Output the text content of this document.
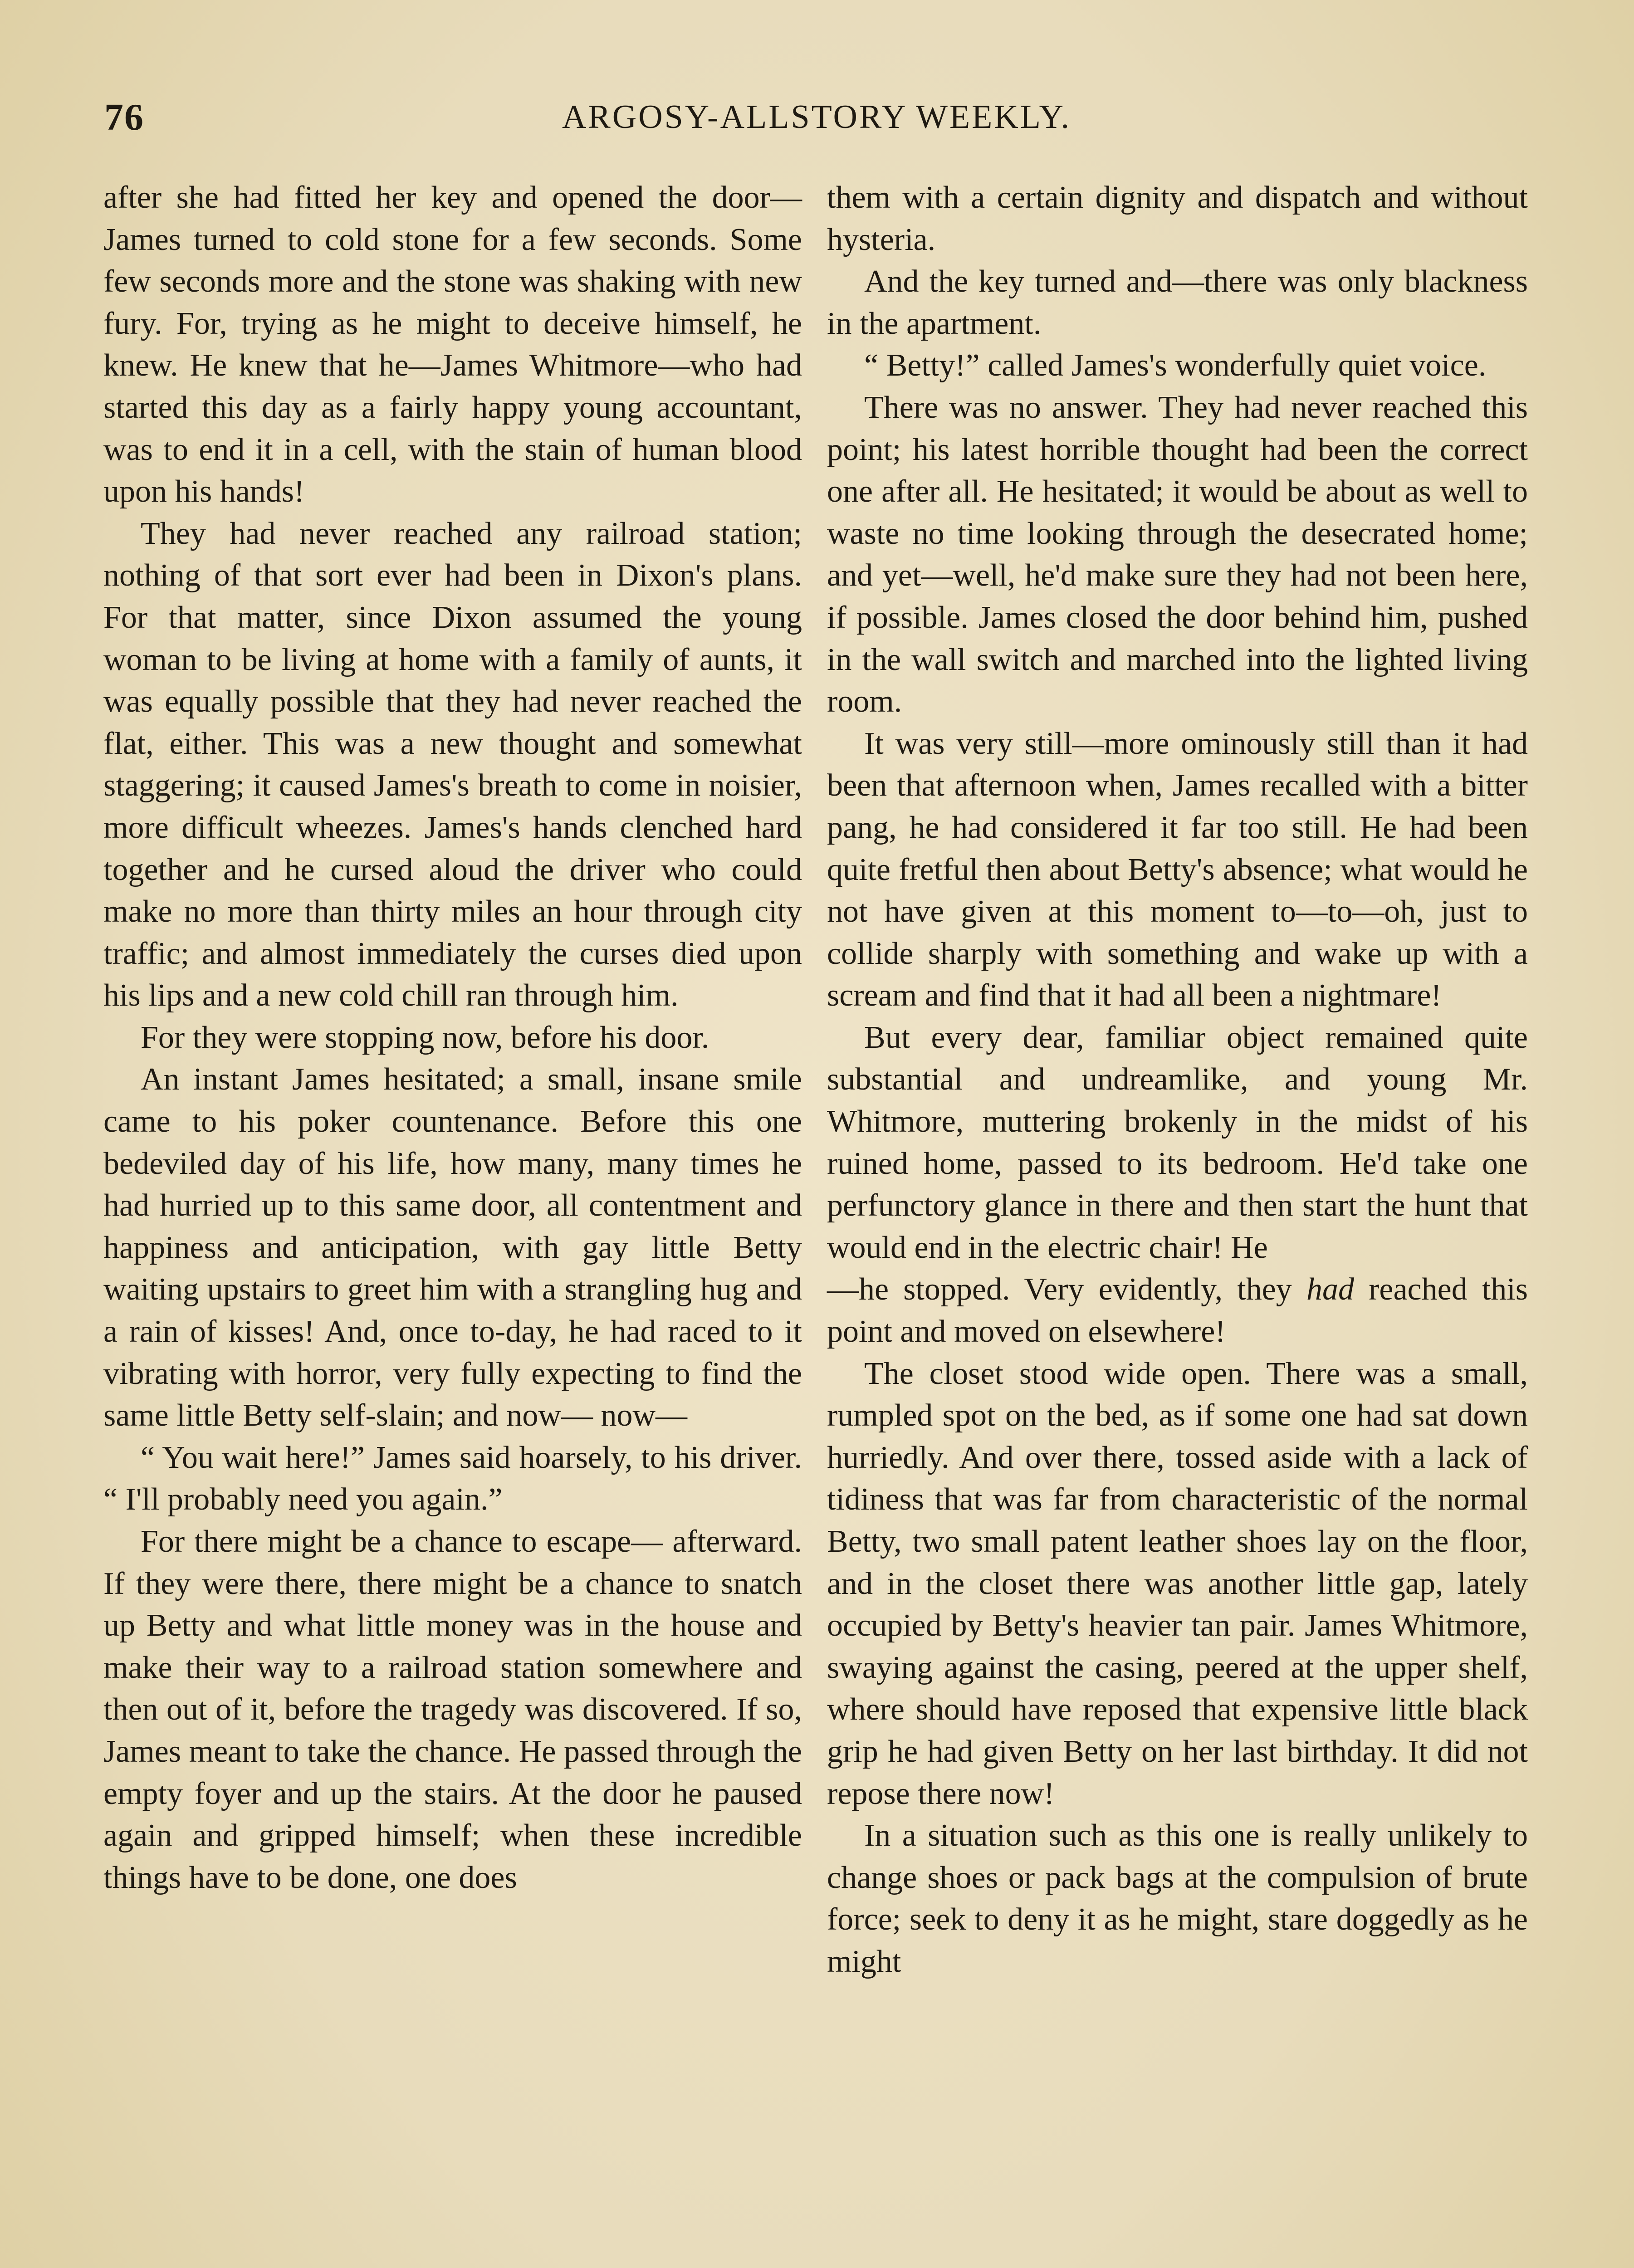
76	ARGOSY-ALLSTORY WEEKLY.

after she had fitted her key and opened the door—James turned to cold stone for a few seconds. Some few seconds more and the stone was shaking with new fury. For, trying as he might to deceive himself, he knew. He knew that he—James Whitmore—who had started this day as a fairly happy young accountant, was to end it in a cell, with the stain of human blood upon his hands!

They had never reached any railroad station; nothing of that sort ever had been in Dixon's plans. For that matter, since Dixon assumed the young woman to be living at home with a family of aunts, it was equally possible that they had never reached the flat, either. This was a new thought and somewhat staggering; it caused James's breath to come in noisier, more difficult wheezes. James's hands clenched hard together and he cursed aloud the driver who could make no more than thirty miles an hour through city traffic; and almost immediately the curses died upon his lips and a new cold chill ran through him.

For they were stopping now, before his door.

An instant James hesitated; a small, insane smile came to his poker countenance. Before this one bedeviled day of his life, how many, many times he had hurried up to this same door, all contentment and happiness and anticipation, with gay little Betty waiting upstairs to greet him with a strangling hug and a rain of kisses! And, once to-day, he had raced to it vibrating with horror, very fully expecting to find the same little Betty self-slain; and now— now—

“ You wait here!” James said hoarsely, to his driver. “ I'll probably need you again.”

For there might be a chance to escape— afterward. If they were there, there might be a chance to snatch up Betty and what little money was in the house and make their way to a railroad station somewhere and then out of it, before the tragedy was discovered. If so, James meant to take the chance. He passed through the empty foyer and up the stairs. At the door he paused again and gripped himself; when these incredible things have to be done, one does

them with a certain dignity and dispatch and without hysteria.

And the key turned and—there was only blackness in the apartment.

“ Betty!” called James's wonderfully quiet voice.

There was no answer. They had never reached this point; his latest horrible thought had been the correct one after all. He hesitated; it would be about as well to waste no time looking through the desecrated home; and yet—well, he'd make sure they had not been here, if possible. James closed the door behind him, pushed in the wall switch and marched into the lighted living room.

It was very still—more ominously still than it had been that afternoon when, James recalled with a bitter pang, he had considered it far too still. He had been quite fretful then about Betty's absence; what would he not have given at this moment to—to—oh, just to collide sharply with something and wake up with a scream and find that it had all been a nightmare!

But every dear, familiar object remained quite substantial and undreamlike, and young Mr. Whitmore, muttering brokenly in the midst of his ruined home, passed to its bedroom. He'd take one perfunctory glance in there and then start the hunt that would end in the electric chair! He
—he stopped. Very evidently, they had reached this point and moved on elsewhere!

The closet stood wide open. There was a small, rumpled spot on the bed, as if some one had sat down hurriedly. And over there, tossed aside with a lack of tidiness that was far from characteristic of the normal Betty, two small patent leather shoes lay on the floor, and in the closet there was another little gap, lately occupied by Betty's heavier tan pair. James Whitmore, swaying against the casing, peered at the upper shelf, where should have reposed that expensive little black grip he had given Betty on her last birthday. It did not repose there now!

In a situation such as this one is really unlikely to change shoes or pack bags at the compulsion of brute force; seek to deny it as he might, stare doggedly as he might
